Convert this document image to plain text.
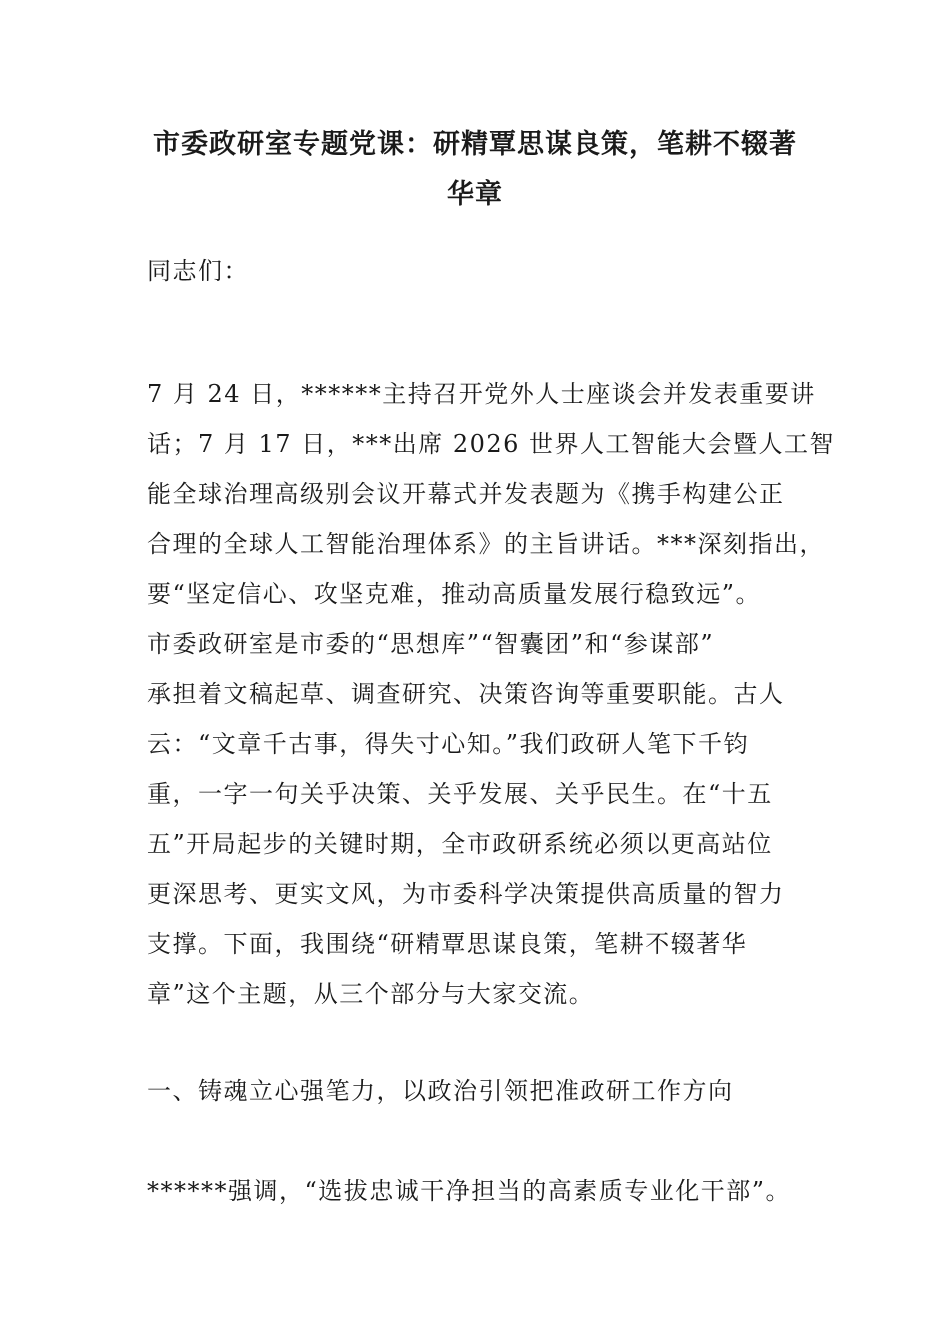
市委政研室专题党课：研精覃思谋良策，笔耕不辍著
华章
同志们：
7 月 24 日，******主持召开党外人士座谈会并发表重要讲
话；7 月 17 日，***出席 2026 世界人工智能大会暨人工智
能全球治理高级别会议开幕式并发表题为《携手构建公正
合理的全球人工智能治理体系》的主旨讲话。***深刻指出，
要“坚定信心、攻坚克难，推动高质量发展行稳致远”。
市委政研室是市委的“思想库”“智囊团”和“参谋部”
承担着文稿起草、调查研究、决策咨询等重要职能。古人
云：“文章千古事，得失寸心知。”我们政研人笔下千钧
重，一字一句关乎决策、关乎发展、关乎民生。在“十五
五”开局起步的关键时期，全市政研系统必须以更高站位
更深思考、更实文风，为市委科学决策提供高质量的智力
支撑。下面，我围绕“研精覃思谋良策，笔耕不辍著华
章”这个主题，从三个部分与大家交流。
一、铸魂立心强笔力，以政治引领把准政研工作方向
******强调，“选拔忠诚干净担当的高素质专业化干部”。
